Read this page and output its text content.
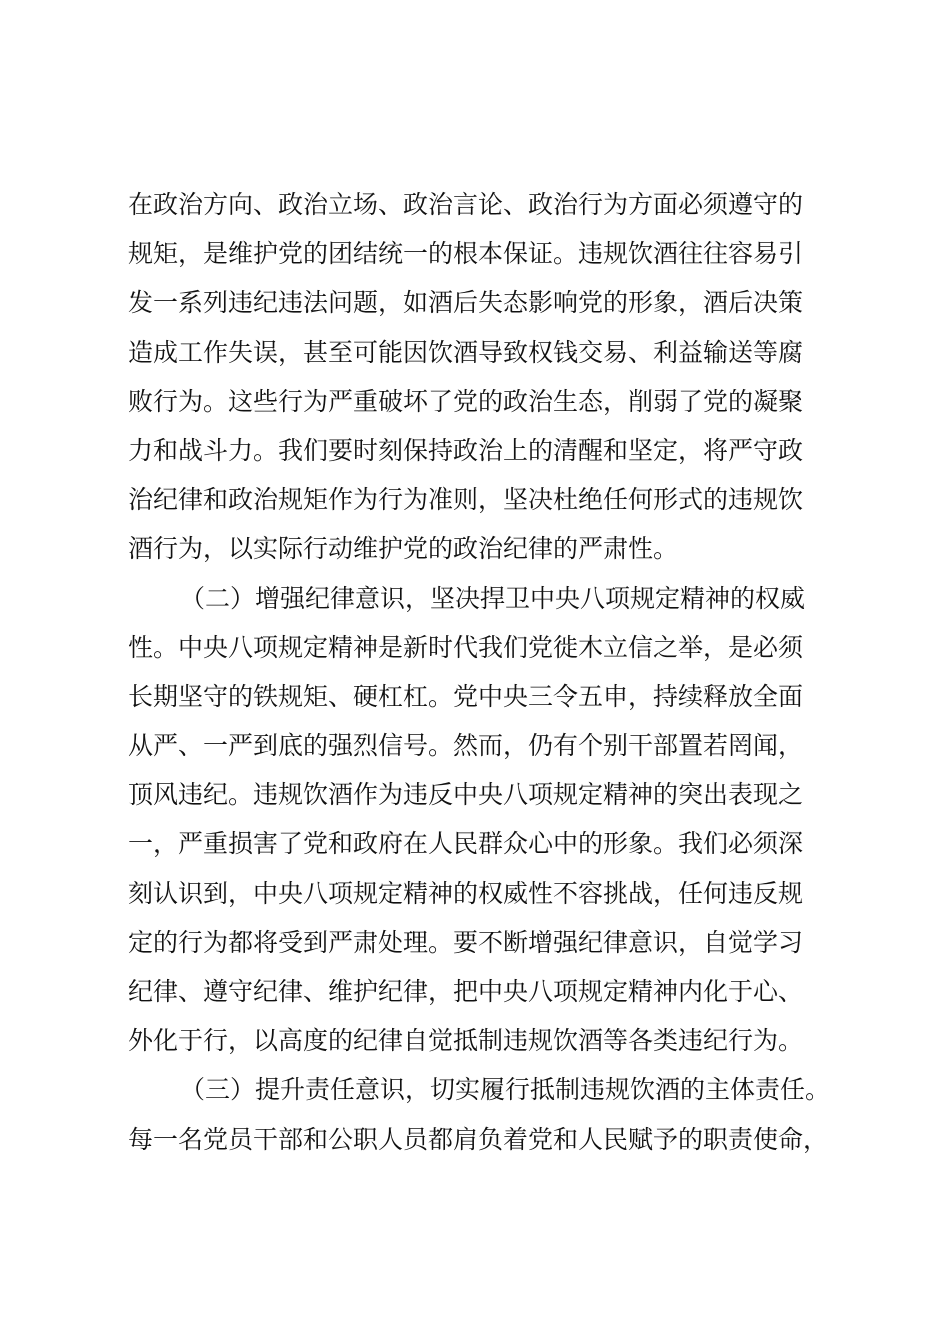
在政治方向、政治立场、政治言论、政治行为方面必须遵守的
规矩，是维护党的团结统一的根本保证。违规饮酒往往容易引
发一系列违纪违法问题，如酒后失态影响党的形象，酒后决策
造成工作失误，甚至可能因饮酒导致权钱交易、利益输送等腐
败行为。这些行为严重破坏了党的政治生态，削弱了党的凝聚
力和战斗力。我们要时刻保持政治上的清醒和坚定，将严守政
治纪律和政治规矩作为行为准则，坚决杜绝任何形式的违规饮
酒行为，以实际行动维护党的政治纪律的严肃性。
（二）增强纪律意识，坚决捍卫中央八项规定精神的权威
性。中央八项规定精神是新时代我们党徙木立信之举，是必须
长期坚守的铁规矩、硬杠杠。党中央三令五申，持续释放全面
从严、一严到底的强烈信号。然而，仍有个别干部置若罔闻，
顶风违纪。违规饮酒作为违反中央八项规定精神的突出表现之
一，严重损害了党和政府在人民群众心中的形象。我们必须深
刻认识到，中央八项规定精神的权威性不容挑战，任何违反规
定的行为都将受到严肃处理。要不断增强纪律意识，自觉学习
纪律、遵守纪律、维护纪律，把中央八项规定精神内化于心、
外化于行，以高度的纪律自觉抵制违规饮酒等各类违纪行为。
（三）提升责任意识，切实履行抵制违规饮酒的主体责任。
每一名党员干部和公职人员都肩负着党和人民赋予的职责使命，
